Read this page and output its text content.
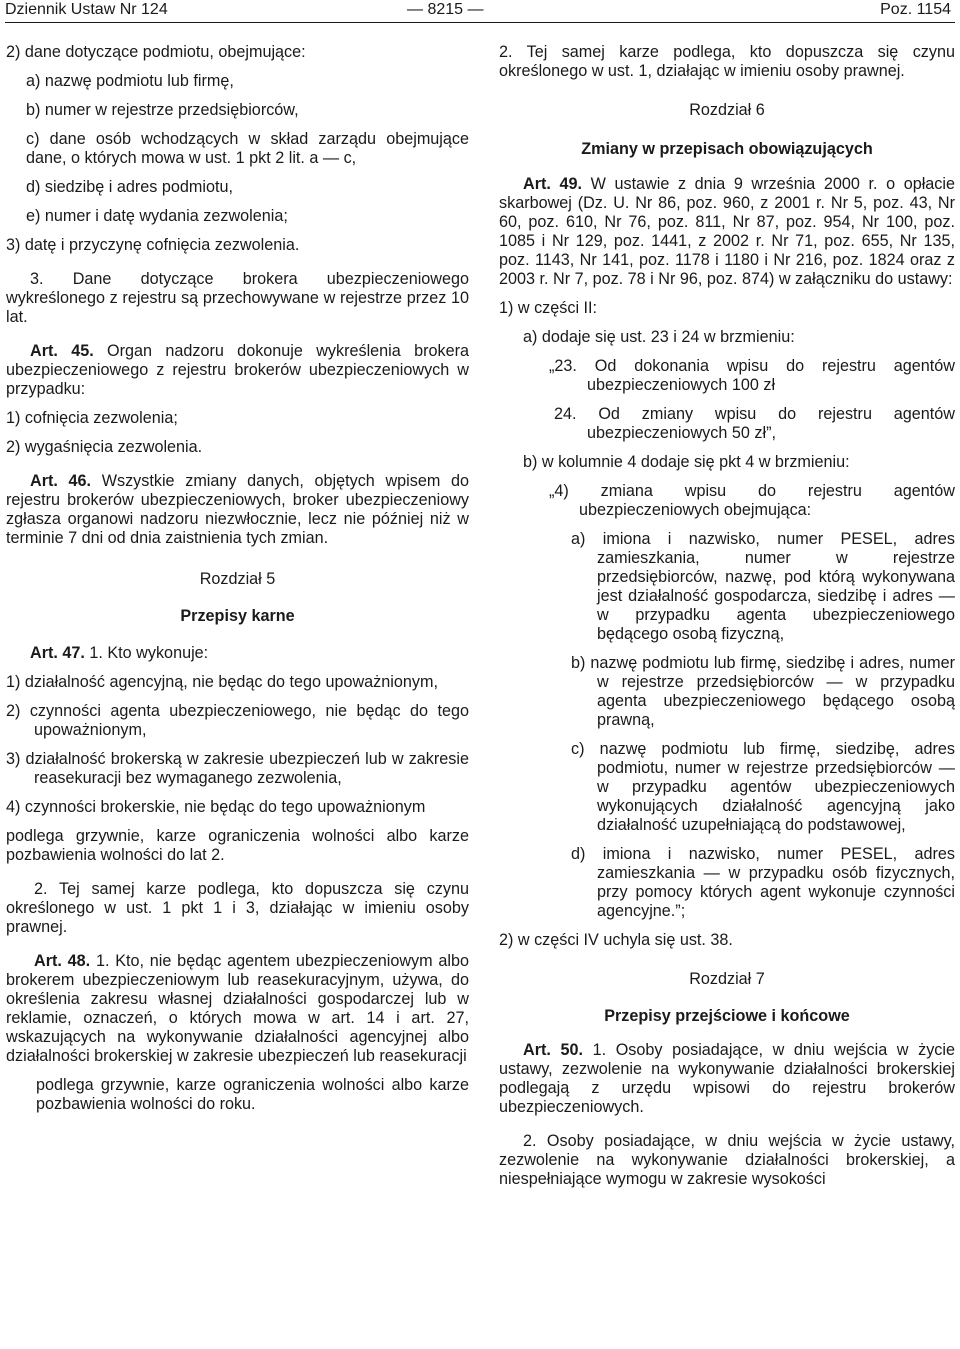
Dziennik Ustaw Nr 124	— 8215 —	Poz. 1154

2) dane dotyczące podmiotu, obejmujące:

a) nazwę podmiotu lub firmę,

b) numer w rejestrze przedsiębiorców,

c) dane osób wchodzących w skład zarządu obejmujące dane, o których mowa w ust. 1 pkt 2 lit. a — c,

d) siedzibę i adres podmiotu,

e) numer i datę wydania zezwolenia;

3) datę i przyczynę cofnięcia zezwolenia.

3. Dane dotyczące brokera ubezpieczeniowego wykreślonego z rejestru są przechowywane w rejestrze przez 10 lat.

Art. 45. Organ nadzoru dokonuje wykreślenia brokera ubezpieczeniowego z rejestru brokerów ubezpieczeniowych w przypadku:

1) cofnięcia zezwolenia;

2) wygaśnięcia zezwolenia.

Art. 46. Wszystkie zmiany danych, objętych wpisem do rejestru brokerów ubezpieczeniowych, broker ubezpieczeniowy zgłasza organowi nadzoru niezwłocznie, lecz nie później niż w terminie 7 dni od dnia zaistnienia tych zmian.

Rozdział 5

Przepisy karne

Art. 47. 1. Kto wykonuje:

1) działalność agencyjną, nie będąc do tego upoważnionym,

2) czynności agenta ubezpieczeniowego, nie będąc do tego upoważnionym,

3) działalność brokerską w zakresie ubezpieczeń lub w zakresie reasekuracji bez wymaganego zezwolenia,

4) czynności brokerskie, nie będąc do tego upoważnionym

podlega grzywnie, karze ograniczenia wolności albo karze pozbawienia wolności do lat 2.

2. Tej samej karze podlega, kto dopuszcza się czynu określonego w ust. 1 pkt 1 i 3, działając w imieniu osoby prawnej.

Art. 48. 1. Kto, nie będąc agentem ubezpieczeniowym albo brokerem ubezpieczeniowym lub reasekuracyjnym, używa, do określenia zakresu własnej działalności gospodarczej lub w reklamie, oznaczeń, o których mowa w art. 14 i art. 27, wskazujących na wykonywanie działalności agencyjnej albo działalności brokerskiej w zakresie ubezpieczeń lub reasekuracji

podlega grzywnie, karze ograniczenia wolności albo karze pozbawienia wolności do roku.

2. Tej samej karze podlega, kto dopuszcza się czynu określonego w ust. 1, działając w imieniu osoby prawnej.

Rozdział 6

Zmiany w przepisach obowiązujących

Art. 49. W ustawie z dnia 9 września 2000 r. o opłacie skarbowej (Dz. U. Nr 86, poz. 960, z 2001 r. Nr 5, poz. 43, Nr 60, poz. 610, Nr 76, poz. 811, Nr 87, poz. 954, Nr 100, poz. 1085 i Nr 129, poz. 1441, z 2002 r. Nr 71, poz. 655, Nr 135, poz. 1143, Nr 141, poz. 1178 i 1180 i Nr 216, poz. 1824 oraz z 2003 r. Nr 7, poz. 78 i Nr 96, poz. 874) w załączniku do ustawy:

1) w części II:

a) dodaje się ust. 23 i 24 w brzmieniu:

„23. Od dokonania wpisu do rejestru agentów ubezpieczeniowych 100 zł

24. Od zmiany wpisu do rejestru agentów ubezpieczeniowych 50 zł”,

b) w kolumnie 4 dodaje się pkt 4 w brzmieniu:

„4) zmiana wpisu do rejestru agentów ubezpieczeniowych obejmująca:

a) imiona i nazwisko, numer PESEL, adres zamieszkania, numer w rejestrze przedsiębiorców, nazwę, pod którą wykonywana jest działalność gospodarcza, siedzibę i adres — w przypadku agenta ubezpieczeniowego będącego osobą fizyczną,

b) nazwę podmiotu lub firmę, siedzibę i adres, numer w rejestrze przedsiębiorców — w przypadku agenta ubezpieczeniowego będącego osobą prawną,

c) nazwę podmiotu lub firmę, siedzibę, adres podmiotu, numer w rejestrze przedsiębiorców — w przypadku agentów ubezpieczeniowych wykonujących działalność agencyjną jako działalność uzupełniającą do podstawowej,

d) imiona i nazwisko, numer PESEL, adres zamieszkania — w przypadku osób fizycznych, przy pomocy których agent wykonuje czynności agencyjne.”;

2) w części IV uchyla się ust. 38.

Rozdział 7

Przepisy przejściowe i końcowe

Art. 50. 1. Osoby posiadające, w dniu wejścia w życie ustawy, zezwolenie na wykonywanie działalności brokerskiej podlegają z urzędu wpisowi do rejestru brokerów ubezpieczeniowych.

2. Osoby posiadające, w dniu wejścia w życie ustawy, zezwolenie na wykonywanie działalności brokerskiej, a niespełniające wymogu w zakresie wysokości
